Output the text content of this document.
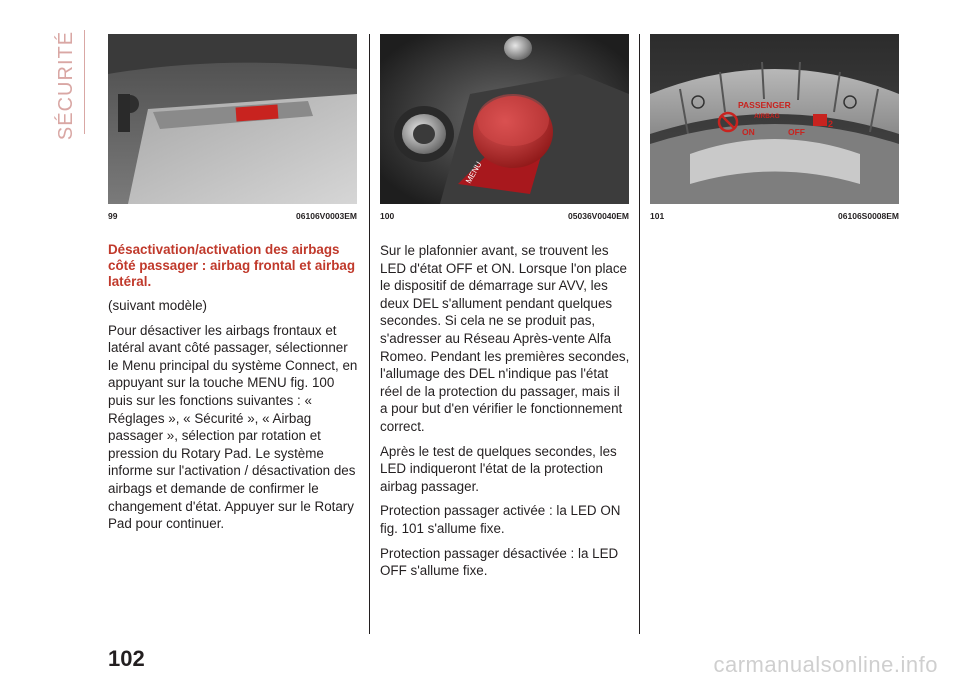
SÉCURITÉ
MENU
SOS
PASSENGER
AIRBAG
ON	OFF
2
99	06106V0003EM	100	05036V0040EM 101	06106S0008EM

Désactivation/activation des airbags côté passager : airbag frontal et airbag latéral.

(suivant modèle)

Pour désactiver les airbags frontaux et latéral avant côté passager, sélectionner le Menu principal du système Connect, en appuyant sur la touche MENU fig. 100 puis sur les fonctions suivantes : « Réglages », « Sécurité », « Airbag passager », sélection par rotation et pression du Rotary Pad. Le système informe sur l'activation / désactivation des airbags et demande de confirmer le changement d'état. Appuyer sur le Rotary Pad pour continuer.

Sur le plafonnier avant, se trouvent les LED d'état OFF et ON. Lorsque l'on place le dispositif de démarrage sur AVV, les deux DEL s'allument pendant quelques secondes. Si cela ne se produit pas, s'adresser au Réseau Après-vente Alfa Romeo. Pendant les premières secondes, l'allumage des DEL n'indique pas l'état réel de la protection du passager, mais il a pour but d'en vérifier le fonctionnement correct.

Après le test de quelques secondes, les LED indiqueront l'état de la protection airbag passager.

Protection passager activée : la LED ON fig. 101 s'allume fixe.

Protection passager désactivée : la LED OFF s'allume fixe.

102	carmanualsonline.info
